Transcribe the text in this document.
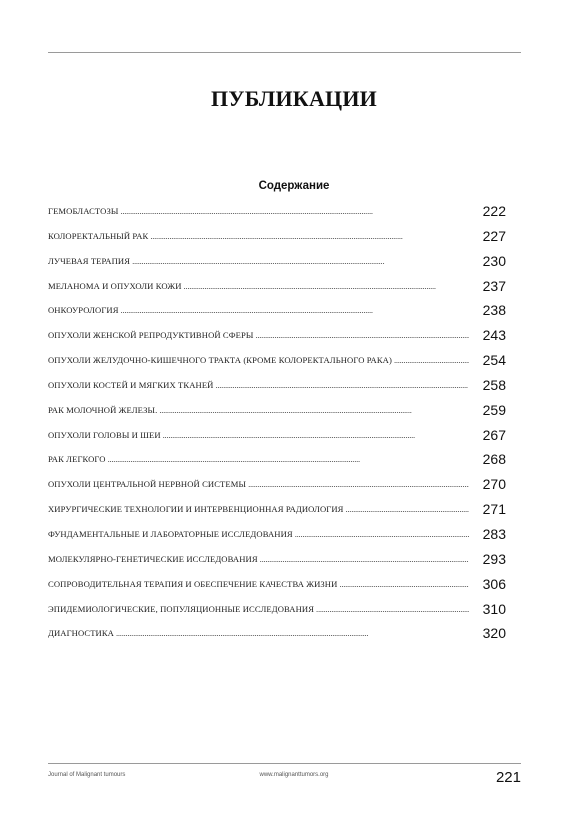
ПУБЛИКАЦИИ
Содержание
ГЕМОБЛАСТОЗЫ . . .	222
КОЛОРЕКТАЛЬНЫЙ РАК . . .	227
ЛУЧЕВАЯ ТЕРАПИЯ . . .	230
МЕЛАНОМА И ОПУХОЛИ КОЖИ . . .	237
ОНКОУРОЛОГИЯ . . .	238
ОПУХОЛИ ЖЕНСКОЙ РЕПРОДУКТИВНОЙ СФЕРЫ . . .	243
ОПУХОЛИ ЖЕЛУДОЧНО-КИШЕЧНОГО ТРАКТА (КРОМЕ КОЛОРЕКТАЛЬНОГО РАКА) . . .	254
ОПУХОЛИ КОСТЕЙ И МЯГКИХ ТКАНЕЙ . . .	258
РАК МОЛОЧНОЙ ЖЕЛЕЗЫ. . . .	259
ОПУХОЛИ ГОЛОВЫ И ШЕИ . . .	267
РАК ЛЕГКОГО . . .	268
ОПУХОЛИ ЦЕНТРАЛЬНОЙ НЕРВНОЙ СИСТЕМЫ . . .	270
ХИРУРГИЧЕСКИЕ ТЕХНОЛОГИИ И ИНТЕРВЕНЦИОННАЯ РАДИОЛОГИЯ . . .	271
ФУНДАМЕНТАЛЬНЫЕ И ЛАБОРАТОРНЫЕ ИССЛЕДОВАНИЯ . . .	283
МОЛЕКУЛЯРНО-ГЕНЕТИЧЕСКИЕ ИССЛЕДОВАНИЯ . . .	293
СОПРОВОДИТЕЛЬНАЯ ТЕРАПИЯ И ОБЕСПЕЧЕНИЕ КАЧЕСТВА ЖИЗНИ . . .	306
ЭПИДЕМИОЛОГИЧЕСКИЕ, ПОПУЛЯЦИОННЫЕ ИССЛЕДОВАНИЯ . . .	310
ДИАГНОСТИКА . . .	320
Journal of Malignant tumours	www.malignanttumors.org	221
